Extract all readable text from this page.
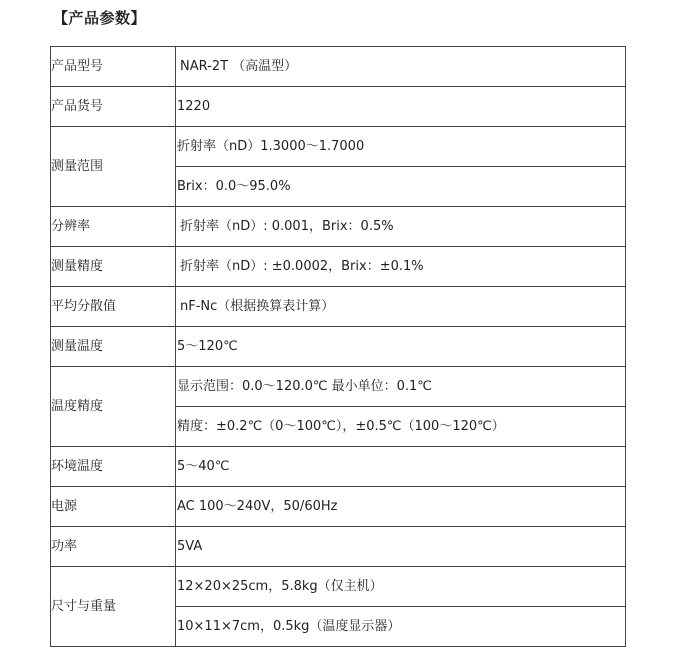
【产品参数】
产品型号	NAR-2T （高温型）
产品货号	1220
测量范围	折射率（nD）1.3000～1.7000
	Brix：0.0～95.0%
分辨率	折射率（nD）: 0.001，Brix：0.5%
测量精度	折射率（nD）: ±0.0002，Brix：±0.1%
平均分散值	nF-Nc（根据换算表计算）
测量温度	5～120℃
温度精度	显示范围：0.0～120.0℃ 最小单位：0.1℃
	精度：±0.2℃（0～100℃），±0.5℃（100～120℃）
环境温度	5～40℃
电源	AC 100～240V，50/60Hz
功率	5VA
尺寸与重量	12×20×25cm，5.8kg（仅主机）
	10×11×7cm，0.5kg（温度显示器）
